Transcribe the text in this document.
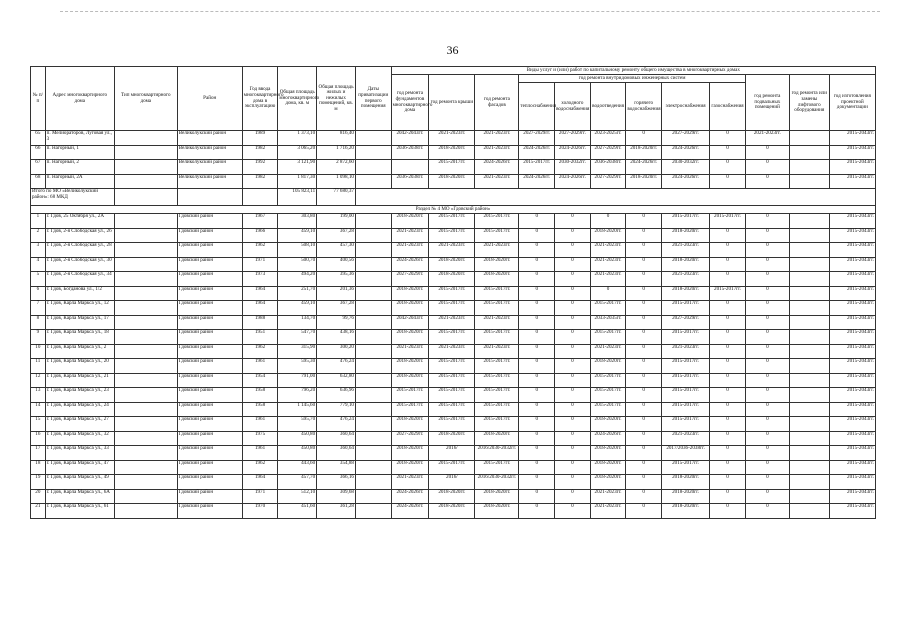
36
№ п/п	Адрес многоквартирного дома	Тип многоквартирного дома	Район	Год ввода многоквартирного дома в эксплуатацию	Общая площадь многоквартирного дома, кв. м	Общая площадь жилых и нежилых помещений, кв. м	Даты приватизации первого помещения	Виды услуг и (или) работ по капитальному ремонту общего имущества в многоквартирных домах											
								год ремонта фундаментов многоквартирного дома	год ремонта крыши	год ремонта фасадов	год ремонта внутридомовых инженерных систем						год ремонта подвальных помещений	год ремонта или замены лифтового оборудования	год изготовления проектной документации
											теплоснабжения	холодного водоснабжения	водоотведения	горячего водоснабжения	электроснабжения	газоснабжения			
65	п. Мелиораторов, Луговая ул., 3		Великолукский район	1989	1 373,10	816,40		2042-2043гг.	2021-2023гг.	2021-2023гг.	2027-2029гг.	2027-2029гг.	2023-2025гг.	0	2027-2029гг.	0	2021-2023гг.		2015-2043гг.
66	п. Нагорный, 1		Великолукский район	1982	3 065,20	1 716,20		2036-2038гг.	2018-2020гг.	2021-2023гг.	2024-2026гг.	2024-2026гг.	2027-2029гг.	2018-2020гг.	2024-2026гг.	0	0		2015-2043гг.
67	п. Нагорный, 2		Великолукский район	1992	3 121,90	2 872,60			2015-2017гг.	2024-2026гг.	2015-2017гг.	2030-2032гг.	2036-2038гг.	2024-2026гг.	2030-2032гг.	0	0		2015-2043гг.
68	п. Нагорный, 2А		Великолукский район	1982	1 817,30	1 098,10		2036-2038гг.	2018-2020гг.	2021-2023гг.	2024-2026гг.	2024-2026гг.	2027-2029гг.	2018-2020гг.	2024-2026гг.	0	0		2015-2043гг.
Итого по МО «Великолукский район»: 68 МКД					105 823,11	77 680,37													
Раздел № 4 МО «Гдовский район»																			
1	г. Гдов, 25 Октября ул., 2А		Гдовский район	1967	303,80	199,00		2018-2020гг.	2015-2017гг.	2015-2017гг.	0	0	0	0	2015-2017гг.	2015-2017гг.	0		2015-2043гг.
2	г. Гдов, 2-я Слободская ул., 26		Гдовский район	1966	459,10	367,28		2021-2023гг.	2015-2017гг.	2015-2017гг.	0	0	2018-2020гг.	0	2018-2020гг.	0	0		2015-2043гг.
3	г. Гдов, 2-я Слободская ул., 28		Гдовский район	1962	508,10	457,30		2021-2023гг.	2021-2023гг.	2021-2023гг.	0	0	2021-2023гг.	0	2021-2023гг.	0	0		2015-2043гг.
4	г. Гдов, 2-я Слободская ул., 30		Гдовский район	1971	500,70	400,56		2024-2026гг.	2018-2020гг.	2018-2020гг.	0	0	2021-2023гг.	0	2018-2020гг.	0	0		2015-2043гг.
5	г. Гдов, 2-я Слободская ул., 34		Гдовский район	1973	494,20	395,36		2027-2029гг.	2018-2020гг.	2018-2020гг.	0	0	2021-2023гг.	0	2021-2023гг.	0	0		2015-2043гг.
6	г. Гдов, Богданова ул., 1/2		Гдовский район	1964	251,70	201,36		2018-2020гг.	2015-2017гг.	2015-2017гг.	0	0	0	0	2018-2020гг.	2015-2017гг.	0		2015-2043гг.
7	г. Гдов, Карла Маркса ул., 12		Гдовский район	1964	459,10	367,28		2018-2020гг.	2015-2017гг.	2015-2017гг.	0	0	2015-2017гг.	0	2015-2017гг.	0	0		2015-2043гг.
8	г. Гдов, Карла Маркса ул., 17		Гдовский район	1988	134,70	99,76		2042-2043гг.	2021-2023гг.	2021-2023гг.	0	0	2033-2035гг.	0	2027-2029гг.	0	0		2015-2043гг.
9	г. Гдов, Карла Маркса ул., 18		Гдовский район	1951	547,70	438,16		2018-2020гг.	2015-2017гг.	2015-2017гг.	0	0	2015-2017гг.	0	2015-2017гг.	0	0		2015-2043гг.
10	г. Гдов, Карла Маркса ул., 2		Гдовский район	1962	315,90	300,20		2021-2023гг.	2021-2023гг.	2021-2023гг.	0	0	2021-2023гг.	0	2021-2023гг.	0	0		2015-2043гг.
11	г. Гдов, Карла Маркса ул., 20		Гдовский район	1961	595,30	476,24		2018-2020гг.	2015-2017гг.	2015-2017гг.	0	0	2018-2020гг.	0	2015-2017гг.	0	0		2015-2043гг.
12	г. Гдов, Карла Маркса ул., 21		Гдовский район	1954	791,00	632,80		2018-2020гг.	2015-2017гг.	2015-2017гг.	0	0	2015-2017гг.	0	2015-2017гг.	0	0		2015-2043гг.
13	г. Гдов, Карла Маркса ул., 23		Гдовский район	1958	796,20	636,96		2015-2017гг.	2015-2017гг.	2015-2017гг.	0	0	2015-2017гг.	0	2015-2017гг.	0	0		2015-2043гг.
14	г. Гдов, Карла Маркса ул., 24		Гдовский район	1958	1 145,60	779,10		2015-2017гг.	2015-2017гг.	2015-2017гг.	0	0	2015-2017гг.	0	2015-2017гг.	0	0		2015-2043гг.
15	г. Гдов, Карла Маркса ул., 27		Гдовский район	1961	595,70	476,24		2018-2020гг.	2015-2017гг.	2015-2017гг.	0	0	2018-2020гг.	0	2015-2017гг.	0	0		2015-2043гг.
16	г. Гдов, Карла Маркса ул., 32		Гдовский район	1975	450,80	360,64		2027-2029гг.	2018-2020гг.	2018-2020гг.	0	0	2024-2026гг.	0	2021-2023гг.	0	0		2015-2043гг.
17	г. Гдов, Карла Маркса ул., 33		Гдовский район	1961	450,80	360,64		2018-2020гг.	2016/	2016/2030-2032гг.	0	0	2018-2020гг.	0	2017/2036-2038гг.	0	0		2015-2043гг.
18	г. Гдов, Карла Маркса ул., 47		Гдовский район	1962	443,60	354,88		2018-2020гг.	2015-2017гг.	2015-2017гг.	0	0	2018-2020гг.	0	2015-2017гг.	0	0		2015-2043гг.
19	г. Гдов, Карла Маркса ул., 49		Гдовский район	1964	457,70	366,16		2021-2023гг.	2016/	2016/2030-2032гг.	0	0	2018-2020гг.	0	2018-2020гг.	0	0		2015-2043гг.
20	г. Гдов, Карла Маркса ул., 6А		Гдовский район	1971	512,10	309,68		2024-2026гг.	2018-2020гг.	2018-2020гг.	0	0	2021-2023гг.	0	2018-2020гг.	0	0		2015-2043гг.
21	г. Гдов, Карла Маркса ул., 61		Гдовский район	1970	451,60	361,28		2024-2026гг.	2018-2020гг.	2018-2020гг.	0	0	2021-2023гг.	0	2018-2020гг.	0	0		2015-2043гг.
